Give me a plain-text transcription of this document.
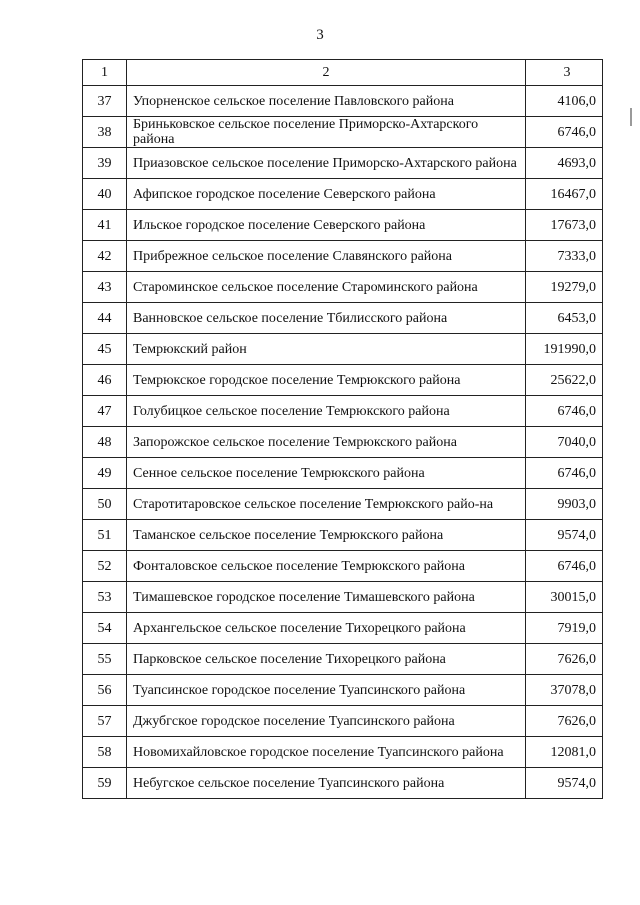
3
1	2	3
37	Упорненское сельское поселение Павловского района	4106,0
38	Бриньковское сельское поселение Приморско-Ахтарского района	6746,0
39	Приазовское сельское поселение Приморско-Ахтарского района	4693,0
40	Афипское городское поселение Северского района	16467,0
41	Ильское городское поселение Северского района	17673,0
42	Прибрежное сельское поселение Славянского района	7333,0
43	Староминское сельское поселение Староминского района	19279,0
44	Ванновское сельское поселение Тбилисского района	6453,0
45	Темрюкский район	191990,0
46	Темрюкское городское поселение Темрюкского района	25622,0
47	Голубицкое сельское поселение Темрюкского района	6746,0
48	Запорожское сельское поселение Темрюкского района	7040,0
49	Сенное сельское поселение Темрюкского района	6746,0
50	Старотитаровское сельское поселение Темрюкского райо-на	9903,0
51	Таманское сельское поселение Темрюкского района	9574,0
52	Фонталовское сельское поселение Темрюкского района	6746,0
53	Тимашевское городское поселение Тимашевского района	30015,0
54	Архангельское сельское поселение Тихорецкого района	7919,0
55	Парковское сельское поселение Тихорецкого района	7626,0
56	Туапсинское городское поселение Туапсинского района	37078,0
57	Джубгское городское поселение Туапсинского района	7626,0
58	Новомихайловское городское поселение Туапсинского района	12081,0
59	Небугское сельское поселение Туапсинского района	9574,0
